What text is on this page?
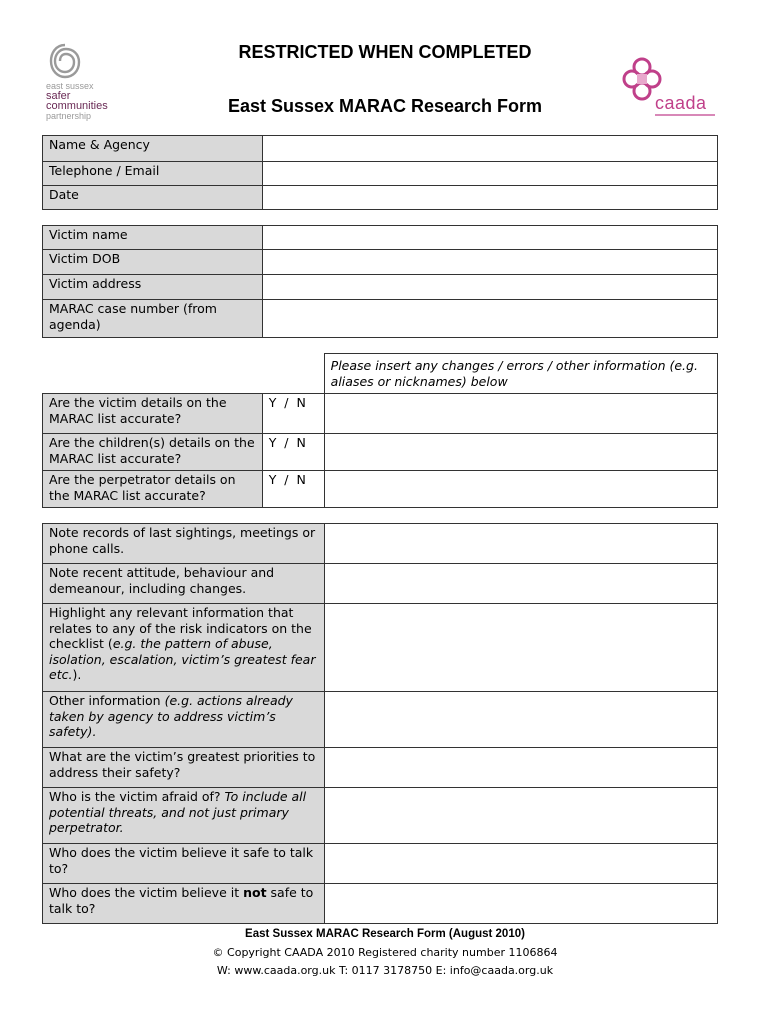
east sussex
safer
communities
partnership
caada
RESTRICTED WHEN COMPLETED
East Sussex MARAC Research Form
Name & Agency	
Telephone / Email	
Date	
Victim name	
Victim DOB	
Victim address	
MARAC case number (from agenda)	
		Please insert any changes / errors / other information (e.g. aliases or nicknames) below
Are the victim details on the MARAC list accurate?	Y  /  N	
Are the children(s) details on the MARAC list accurate?	Y  /  N	
Are the perpetrator details on the MARAC list accurate?	Y  /  N	
Note records of last sightings, meetings or phone calls.	
Note recent attitude, behaviour and demeanour, including changes.	
Highlight any relevant information that relates to any of the risk indicators on the checklist (e.g. the pattern of abuse, isolation, escalation, victim’s greatest fear etc.).	
Other information (e.g. actions already taken by agency to address victim’s safety).	
What are the victim’s greatest priorities to address their safety?	
Who is the victim afraid of? To include all potential threats, and not just primary perpetrator.	
Who does the victim believe it safe to talk to?	
Who does the victim believe it not safe to talk to?	
East Sussex MARAC Research Form (August 2010)
© Copyright CAADA 2010 Registered charity number 1106864
W: www.caada.org.uk T: 0117 3178750 E: info@caada.org.uk
